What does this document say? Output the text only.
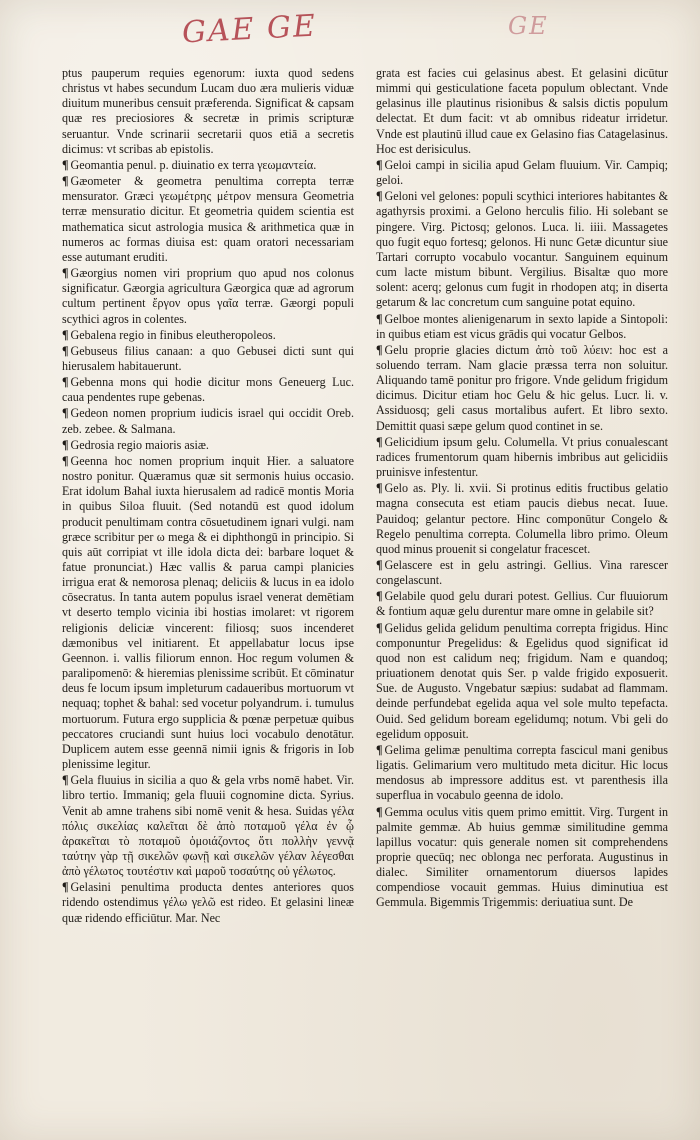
GAE GE	GE

ptus pauperum requies egenorum: iuxta quod sedens christus vt habes secundum Lucam duo æra mulieris viduæ diuitum muneribus censuit præferenda. Significat & capsam quæ res preciosiores & secretæ in primis scripturæ seruantur. Vnde scrinarii secretarii quos etiā a secretis dicimus: vt scribas ab epistolis.

¶ Geomantia penul. p. diuinatio ex terra γεωμαντεία.

¶ Gæometer & geometra penultima correpta terræ mensurator. Græci γεωμέτρης μέτρον mensura Geometria terræ mensuratio dicitur. Et geometria quidem scientia est mathematica sicut astrologia musica & arithmetica quæ in numeros ac formas diuisa est: quam oratori necessariam esse autumant eruditi.

¶ Gæorgius nomen viri proprium quo apud nos colonus significatur. Gæorgia agricultura Gæorgica quæ ad agrorum cultum pertinent ἔργον opus γαῖα terræ. Gæorgi populi scythici agros in colentes.

¶ Gebalena regio in finibus eleutheropoleos.

¶ Gebuseus filius canaan: a quo Gebusei dicti sunt qui hierusalem habitauerunt.

¶ Gebenna mons qui hodie dicitur mons Geneuerg Luc. caua pendentes rupe gebenas.

¶ Gedeon nomen proprium iudicis israel qui occidit Oreb. zeb. zebee. & Salmana.

¶ Gedrosia regio maioris asiæ.

¶ Geenna hoc nomen proprium inquit Hier. a saluatore nostro ponitur. Quæramus quæ sit sermonis huius occasio. Erat idolum Bahal iuxta hierusalem ad radicē montis Moria in quibus Siloa fluuit. (Sed notandū est quod idolum producit penultimam contra cōsuetudinem ignari vulgi. nam græce scribitur per ω mega & ei diphthongū in principio. Si quis aūt corripiat vt ille idola dicta dei: barbare loquet & fatue pronunciat.) Hæc vallis & parua campi planicies irrigua erat & nemorosa plenaq; deliciis & lucus in ea idolo cōsecratus. In tanta autem populus israel venerat demētiam vt deserto templo vicinia ibi hostias imolaret: vt rigorem religionis deliciæ vincerent: filiosq; suos incenderet dæmonibus vel initiarent. Et appellabatur locus ipse Geennon. i. vallis filiorum ennon. Hoc regum volumen & paralipomenō: & hieremias plenissime scribūt. Et cōminatur deus fe locum ipsum impleturum cadaueribus mortuorum vt nequaq; tophet & bahal: sed vocetur polyandrum. i. tumulus mortuorum. Futura ergo supplicia & pœnæ perpetuæ quibus peccatores cruciandi sunt huius loci vocabulo denotātur. Duplicem autem esse geennā nimii ignis & frigoris in Iob plenissime legitur.

¶ Gela fluuius in sicilia a quo & gela vrbs nomē habet. Vir. libro tertio. Immaniq; gela fluuii cognomine dicta. Syrius. Venit ab amne trahens sibi nomē venit & hesa. Suidas γέλα πόλις σικελίας καλεῖται δὲ ἀπὸ ποταμοῦ γέλα ἐν ᾧ ἀρακεῖται τὸ ποταμοῦ ὁμοιάζοντος ὅτι πολλὴν γεννᾷ ταύτην γὰρ τῇ σικελῶν φωνῇ καὶ σικελῶν γέλαν λέγεσθαι ἀπὸ γέλωτος τουτέστιν καὶ μαροῦ τοσαύτης οὐ γέλωτος.

¶ Gelasini penultima producta dentes anteriores quos ridendo ostendimus γέλω γελῶ est rideo. Et gelasini lineæ quæ ridendo efficiūtur. Mar. Nec

grata est facies cui gelasinus abest. Et gelasini dicūtur mimmi qui gesticulatione faceta populum oblectant. Vnde gelasinus ille plautinus risionibus & salsis dictis populum delectat. Et dum facit: vt ab omnibus rideatur irridetur. Vnde est plautinū illud caue ex Gelasino fias Catagelasinus. Hoc est derisiculus.

¶ Geloi campi in sicilia apud Gelam fluuium. Vir. Campiq; geloi.

¶ Geloni vel gelones: populi scythici interiores habitantes & agathyrsis proximi. a Gelono herculis filio. Hi solebant se pingere. Virg. Pictosq; gelonos. Luca. li. iiii. Massagetes quo fugit equo fortesq; gelonos. Hi nunc Getæ dicuntur siue Tartari corrupto vocabulo vocantur. Sanguinem equinum cum lacte mistum bibunt. Vergilius. Bisaltæ quo more solent: acerq; gelonus cum fugit in rhodopen atq; in diserta getarum & lac concretum cum sanguine potat equino.

¶ Gelboe montes alienigenarum in sexto lapide a Sintopoli: in quibus etiam est vicus grādis qui vocatur Gelbos.

¶ Gelu proprie glacies dictum ἀπὸ τοῦ λύειν: hoc est a soluendo terram. Nam glacie præssa terra non soluitur. Aliquando tamē ponitur pro frigore. Vnde gelidum frigidum dicimus. Dicitur etiam hoc Gelu & hic gelus. Lucr. li. v. Assiduosq; geli casus mortalibus aufert. Et libro sexto. Demittit quasi sæpe gelum quod continet in se.

¶ Gelicidium ipsum gelu. Columella. Vt prius conualescant radices frumentorum quam hibernis imbribus aut gelicidiis pruinisve infestentur.

¶ Gelo as. Ply. li. xvii. Si protinus editis fructibus gelatio magna consecuta est etiam paucis diebus necat. Iuue. Pauidoq; gelantur pectore. Hinc componūtur Congelo & Regelo penultima correpta. Columella libro primo. Oleum quod minus prouenit si congelatur fracescet.

¶ Gelascere est in gelu astringi. Gellius. Vina rarescer congelascunt.

¶ Gelabile quod gelu durari potest. Gellius. Cur fluuiorum & fontium aquæ gelu durentur mare omne in gelabile sit?

¶ Gelidus gelida gelidum penultima correpta frigidus. Hinc componuntur Pregelidus: & Egelidus quod significat id quod non est calidum neq; frigidum. Nam e quandoq; priuationem denotat quis Ser. p valde frigido exposuerit. Sue. de Augusto. Vngebatur sæpius: sudabat ad flammam. deinde perfundebat egelida aqua vel sole multo tepefacta. Ouid. Sed gelidum boream egelidumq; notum. Vbi geli do egelidum opposuit.

¶ Gelima gelimæ penultima correpta fascicul mani genibus ligatis. Gelimarium vero multitudo meta dicitur. Hic locus mendosus ab impressore additus est. vt parenthesis illa superflua in vocabulo geenna de idolo.

¶ Gemma oculus vitis quem primo emittit. Virg. Turgent in palmite gemmæ. Ab huius gemmæ similitudine gemma lapillus vocatur: quis generale nomen sit comprehendens proprie quecūq; nec oblonga nec perforata. Augustinus in dialec. Similiter ornamentorum diuersos lapides compendiose vocauit gemmas. Huius diminutiua est Gemmula. Bigemmis Trigemmis: deriuatiua sunt. De
